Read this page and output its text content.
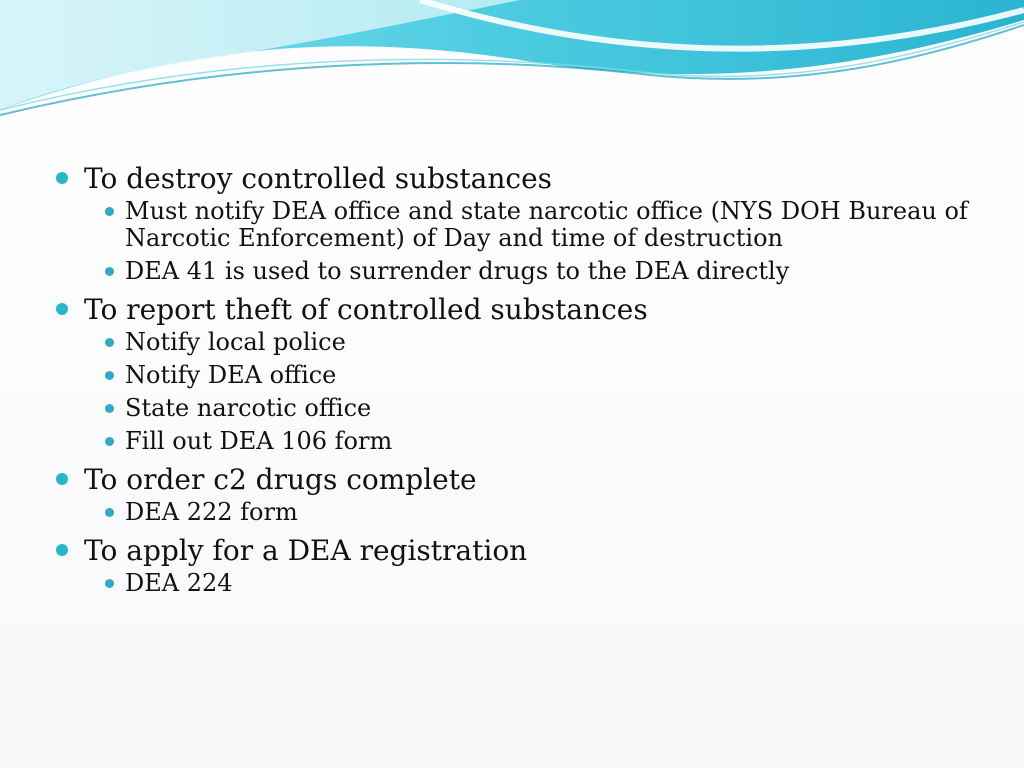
To destroy controlled substances
Must notify DEA office and state narcotic office (NYS DOH Bureau of Narcotic Enforcement) of Day and time of destruction
DEA 41 is used to surrender drugs to the DEA directly
To report theft of controlled substances
Notify local police
Notify DEA office
State narcotic office
Fill out DEA 106 form
To order c2 drugs complete
DEA 222 form
To apply for a DEA registration
DEA 224
